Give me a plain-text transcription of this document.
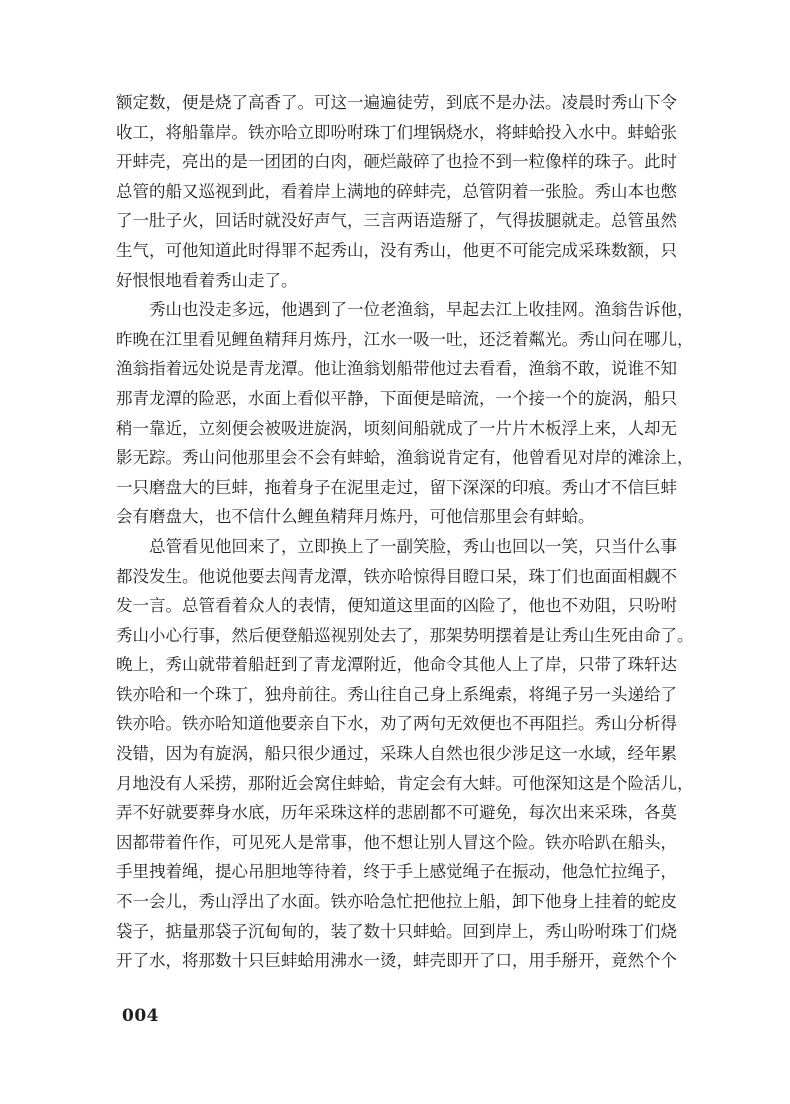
额定数，便是烧了高香了。可这一遍遍徒劳，到底不是办法。凌晨时秀山下令
收工，将船靠岸。铁亦哈立即吩咐珠丁们埋锅烧水，将蚌蛤投入水中。蚌蛤张
开蚌壳，亮出的是一团团的白肉，砸烂敲碎了也捡不到一粒像样的珠子。此时
总管的船又巡视到此，看着岸上满地的碎蚌壳，总管阴着一张脸。秀山本也憋
了一肚子火，回话时就没好声气，三言两语造掰了，气得拔腿就走。总管虽然
生气，可他知道此时得罪不起秀山，没有秀山，他更不可能完成采珠数额，只
好恨恨地看着秀山走了。
　　秀山也没走多远，他遇到了一位老渔翁，早起去江上收挂网。渔翁告诉他，
昨晚在江里看见鲤鱼精拜月炼丹，江水一吸一吐，还泛着粼光。秀山问在哪儿，
渔翁指着远处说是青龙潭。他让渔翁划船带他过去看看，渔翁不敢，说谁不知
那青龙潭的险恶，水面上看似平静，下面便是暗流，一个接一个的旋涡，船只
稍一靠近，立刻便会被吸进旋涡，顷刻间船就成了一片片木板浮上来，人却无
影无踪。秀山问他那里会不会有蚌蛤，渔翁说肯定有，他曾看见对岸的滩涂上，
一只磨盘大的巨蚌，拖着身子在泥里走过，留下深深的印痕。秀山才不信巨蚌
会有磨盘大，也不信什么鲤鱼精拜月炼丹，可他信那里会有蚌蛤。
　　总管看见他回来了，立即换上了一副笑脸，秀山也回以一笑，只当什么事
都没发生。他说他要去闯青龙潭，铁亦哈惊得目瞪口呆，珠丁们也面面相觑不
发一言。总管看着众人的表情，便知道这里面的凶险了，他也不劝阻，只吩咐
秀山小心行事，然后便登船巡视别处去了，那架势明摆着是让秀山生死由命了。
晚上，秀山就带着船赶到了青龙潭附近，他命令其他人上了岸，只带了珠轩达
铁亦哈和一个珠丁，独舟前往。秀山往自己身上系绳索，将绳子另一头递给了
铁亦哈。铁亦哈知道他要亲自下水，劝了两句无效便也不再阻拦。秀山分析得
没错，因为有旋涡，船只很少通过，采珠人自然也很少涉足这一水域，经年累
月地没有人采捞，那附近会窝住蚌蛤，肯定会有大蚌。可他深知这是个险活儿，
弄不好就要葬身水底，历年采珠这样的悲剧都不可避免，每次出来采珠，各莫
因都带着仵作，可见死人是常事，他不想让别人冒这个险。铁亦哈趴在船头，
手里拽着绳，提心吊胆地等待着，终于手上感觉绳子在振动，他急忙拉绳子，
不一会儿，秀山浮出了水面。铁亦哈急忙把他拉上船，卸下他身上挂着的蛇皮
袋子，掂量那袋子沉甸甸的，装了数十只蚌蛤。回到岸上，秀山吩咐珠丁们烧
开了水，将那数十只巨蚌蛤用沸水一烫，蚌壳即开了口，用手掰开，竟然个个
004
